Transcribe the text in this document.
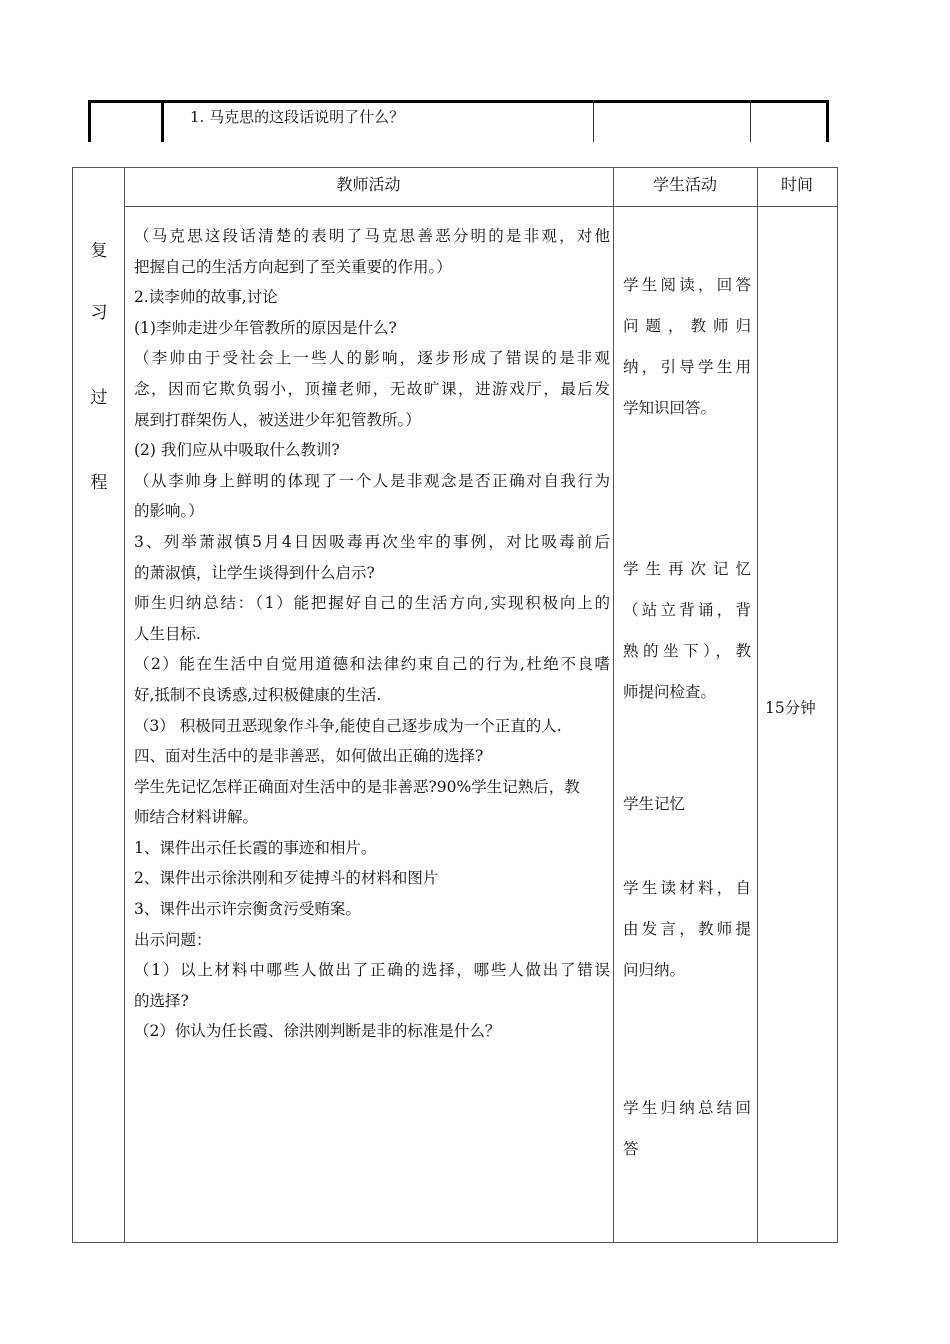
1. 马克思的这段话说明了什么？
教师活动	学生活动	时间
复
习
过
程

（马克思这段话清楚的表明了马克思善恶分明的是非观，对他

把握自己的生活方向起到了至关重要的作用。）

2.读李帅的故事,讨论

(1)李帅走进少年管教所的原因是什么?

（李帅由于受社会上一些人的影响，逐步形成了错误的是非观

念，因而它欺负弱小，顶撞老师，无故旷课，进游戏厅，最后发

展到打群架伤人，被送进少年犯管教所。）

(2) 我们应从中吸取什么教训?

（从李帅身上鲜明的体现了一个人是非观念是否正确对自我行为

的影响。）

3、列举萧淑慎5月4日因吸毒再次坐牢的事例，对比吸毒前后

的萧淑慎，让学生谈得到什么启示?

师生归纳总结：（1）能把握好自己的生活方向,实现积极向上的

人生目标.

（2）能在生活中自觉用道德和法律约束自己的行为,杜绝不良嗜

好,抵制不良诱惑,过积极健康的生活.

（3） 积极同丑恶现象作斗争,能使自己逐步成为一个正直的人.

四、面对生活中的是非善恶，如何做出正确的选择?

学生先记忆怎样正确面对生活中的是非善恶?90%学生记熟后，教

师结合材料讲解。

1、课件出示任长霞的事迹和相片。

2、课件出示徐洪刚和歹徒搏斗的材料和图片

3、课件出示许宗衡贪污受贿案。

出示问题：

（1）以上材料中哪些人做出了正确的选择，哪些人做出了错误

的选择?

（2）你认为任长霞、徐洪刚判断是非的标准是什么？

学生阅读，回答

问题，教师归

纳，引导学生用

学知识回答。

学生再次记忆

（站立背诵，背

熟的坐下），教

师提问检查。

学生记忆

学生读材料，自

由发言，教师提

问归纳。

学生归纳总结回

答

15分钟
